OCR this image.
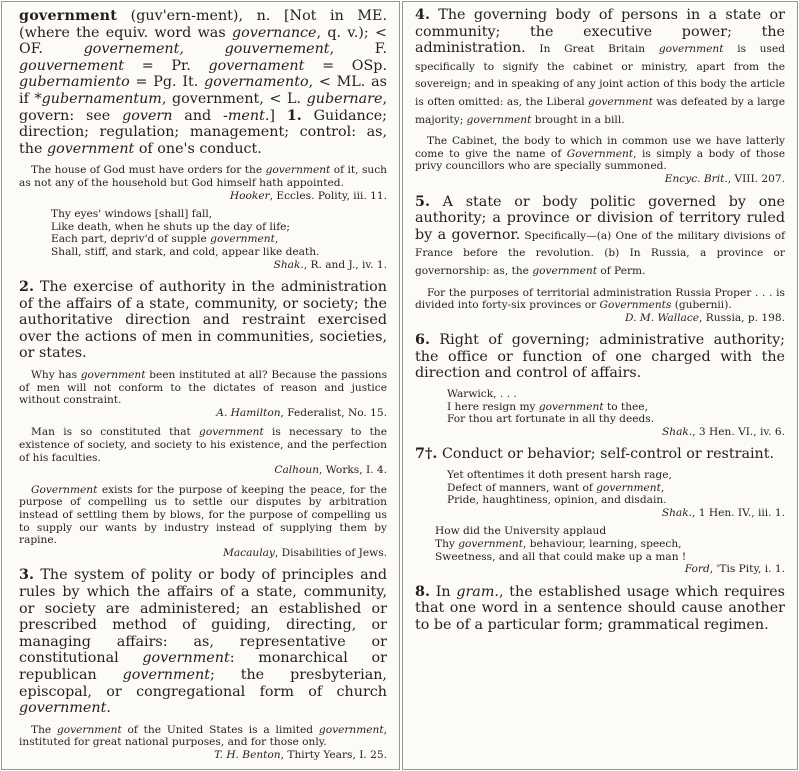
government (guv'ern-ment), n. [Not in ME. (where the equiv. word was governance, q. v.); < OF. governement, gouvernement, F. gouvernement = Pr. governament = OSp. gubernamiento = Pg. It. governamento, < ML. as if *gubernamentum, government, < L. gubernare, govern: see govern and -ment.] 1. Guidance; direction; regulation; management; control: as, the government of one's conduct.

The house of God must have orders for the government of it, such as not any of the household but God himself hath appointed.

Hooker, Eccles. Polity, iii. 11.
Thy eyes' windows [shall] fall,
Like death, when he shuts up the day of life;
Each part, depriv'd of supple government,
Shall, stiff, and stark, and cold, appear like death.
Shak., R. and J., iv. 1.

2. The exercise of authority in the administration of the affairs of a state, community, or society; the authoritative direction and restraint exercised over the actions of men in communities, societies, or states.

Why has government been instituted at all? Because the passions of men will not conform to the dictates of reason and justice without constraint.

A. Hamilton, Federalist, No. 15.

Man is so constituted that government is necessary to the existence of society, and society to his existence, and the perfection of his faculties.

Calhoun, Works, I. 4.

Government exists for the purpose of keeping the peace, for the purpose of compelling us to settle our disputes by arbitration instead of settling them by blows, for the purpose of compelling us to supply our wants by industry instead of supplying them by rapine.

Macaulay, Disabilities of Jews.

3. The system of polity or body of principles and rules by which the affairs of a state, community, or society are administered; an established or prescribed method of guiding, directing, or managing affairs: as, representative or constitutional government: monarchical or republican government; the presbyterian, episcopal, or congregational form of church government.

The government of the United States is a limited government, instituted for great national purposes, and for those only.

T. H. Benton, Thirty Years, I. 25.

4. The governing body of persons in a state or community; the executive power; the administration. In Great Britain government is used specifically to signify the cabinet or ministry, apart from the sovereign; and in speaking of any joint action of this body the article is often omitted: as, the Liberal government was defeated by a large majority; government brought in a bill.

The Cabinet, the body to which in common use we have latterly come to give the name of Government, is simply a body of those privy councillors who are specially summoned.

Encyc. Brit., VIII. 207.

5. A state or body politic governed by one authority; a province or division of territory ruled by a governor. Specifically—(a) One of the military divisions of France before the revolution. (b) In Russia, a province or governorship: as, the government of Perm.

For the purposes of territorial administration Russia Proper . . . is divided into forty-six provinces or Governments (gubernii).

D. M. Wallace, Russia, p. 198.

6. Right of governing; administrative authority; the office or function of one charged with the direction and control of affairs.

Warwick, . . .
I here resign my government to thee,
For thou art fortunate in all thy deeds.
Shak., 3 Hen. VI., iv. 6.

7†. Conduct or behavior; self-control or restraint.

Yet oftentimes it doth present harsh rage,
Defect of manners, want of government,
Pride, haughtiness, opinion, and disdain.
Shak., 1 Hen. IV., iii. 1.
How did the University applaud
Thy government, behaviour, learning, speech,
Sweetness, and all that could make up a man !
Ford, 'Tis Pity, i. 1.

8. In gram., the established usage which requires that one word in a sentence should cause another to be of a particular form; grammatical regimen.
